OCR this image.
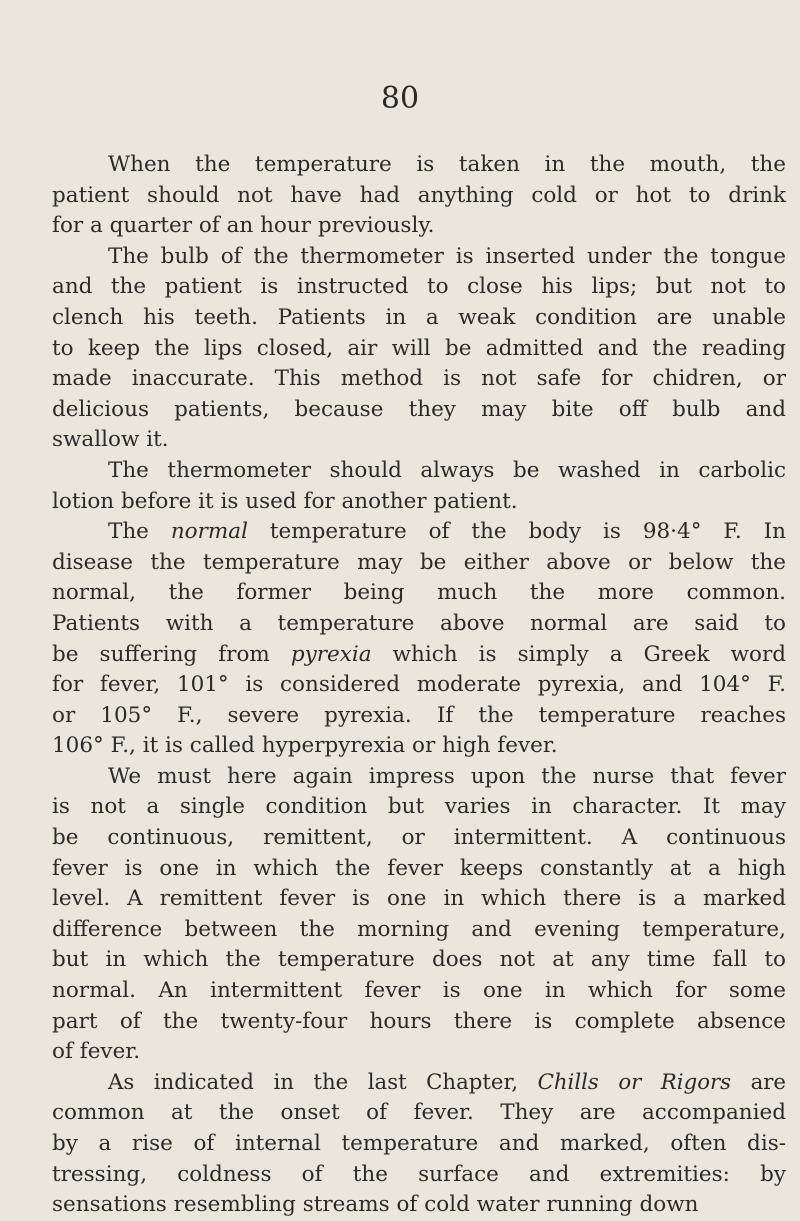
80

When the temperature is taken in the mouth, the
patient should not have had anything cold or hot to drink
for a quarter of an hour previously.

The bulb of the thermometer is inserted under the tongue
and the patient is instructed to close his lips; but not to
clench his teeth. Patients in a weak condition are unable
to keep the lips closed, air will be admitted and the reading
made inaccurate. This method is not safe for chidren, or
delicious patients, because they may bite off bulb and
swallow it.

The thermometer should always be washed in carbolic
lotion before it is used for another patient.

The normal temperature of the body is 98·4° F. In
disease the temperature may be either above or below the
normal, the former being much the more common.
Patients with a temperature above normal are said to
be suffering from pyrexia which is simply a Greek word
for fever, 101° is considered moderate pyrexia, and 104° F.
or 105° F., severe pyrexia. If the temperature reaches
106° F., it is called hyperpyrexia or high fever.

We must here again impress upon the nurse that fever
is not a single condition but varies in character. It may
be continuous, remittent, or intermittent. A continuous
fever is one in which the fever keeps constantly at a high
level. A remittent fever is one in which there is a marked
difference between the morning and evening temperature,
but in which the temperature does not at any time fall to
normal. An intermittent fever is one in which for some
part of the twenty-four hours there is complete absence
of fever.

As indicated in the last Chapter, Chills or Rigors are
common at the onset of fever. They are accompanied
by a rise of internal temperature and marked, often dis-
tressing, coldness of the surface and extremities: by
sensations resembling streams of cold water running down
